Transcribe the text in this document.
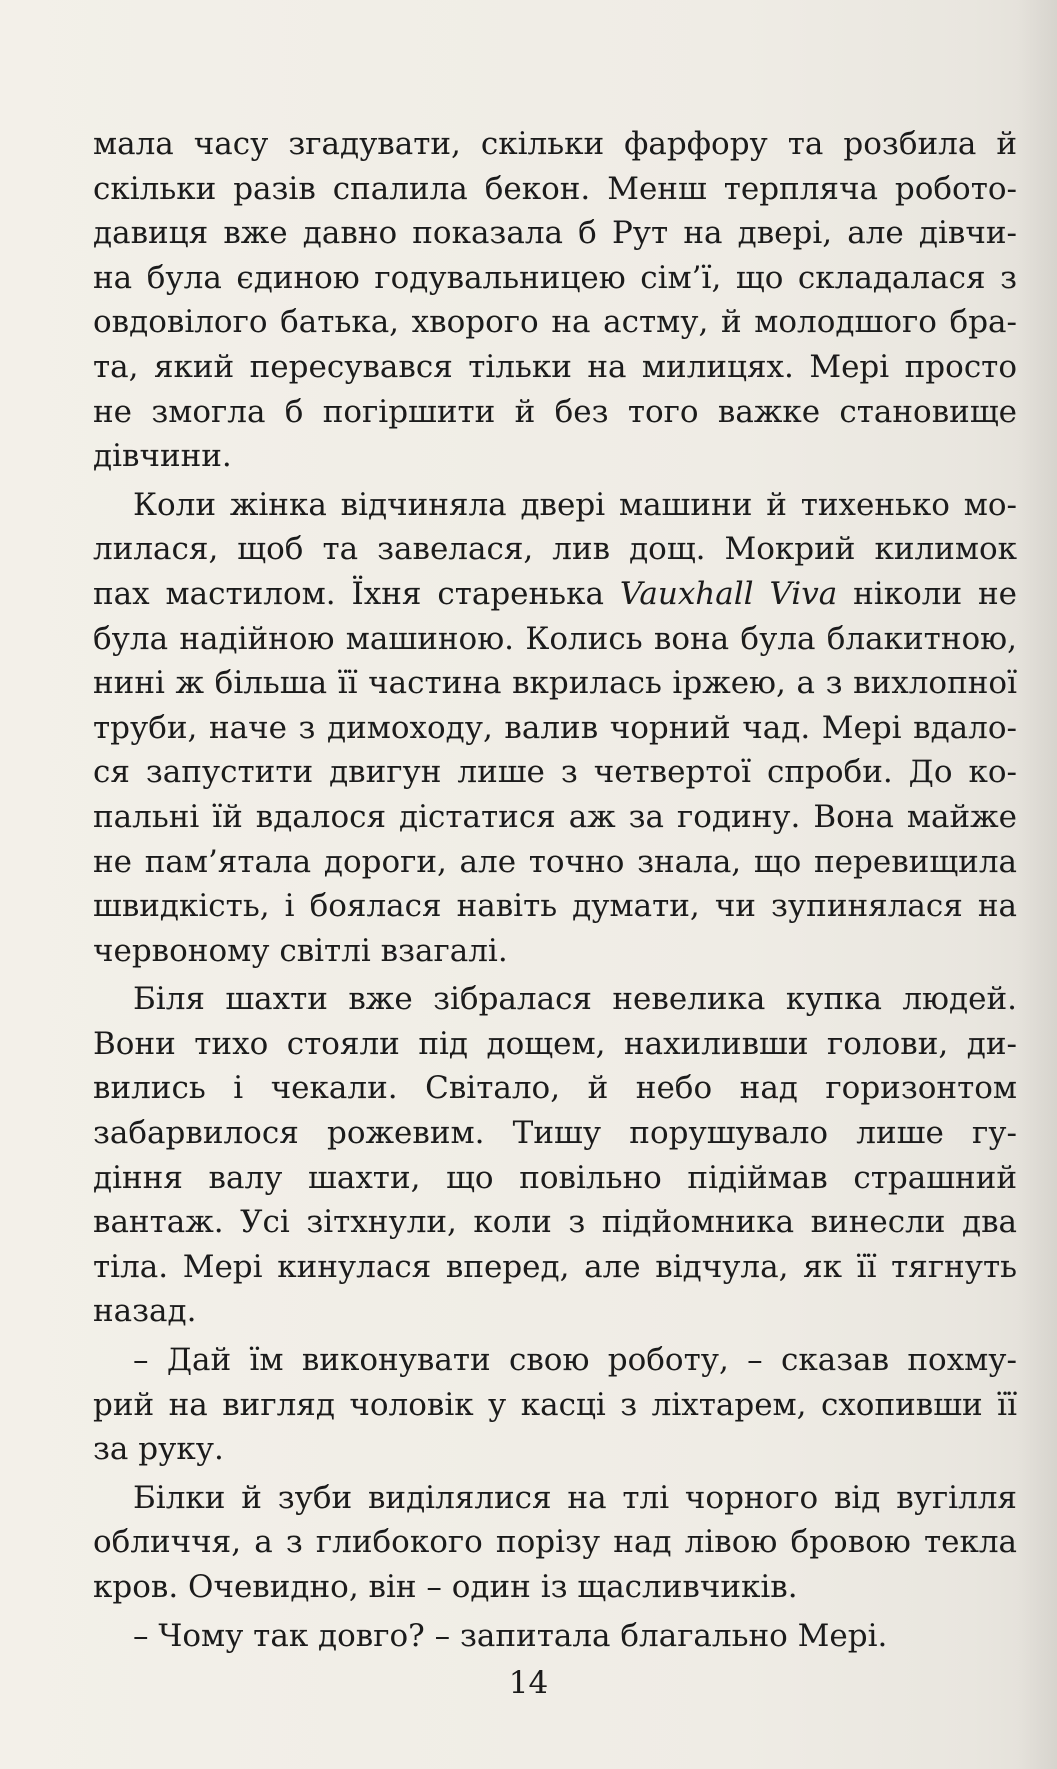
мала часу згадувати, скільки фарфору та розбила й
скільки разів спалила бекон. Менш терпляча робото-
давиця вже давно показала б Рут на двері, але дівчи-
на була єдиною годувальницею сім’ї, що складалася з
овдовілого батька, хворого на астму, й молодшого бра-
та, який пересувався тільки на милицях. Мері просто
не змогла б погіршити й без того важке становище
дівчини.

Коли жінка відчиняла двері машини й тихенько мо-
лилася, щоб та завелася, лив дощ. Мокрий килимок
пах мастилом. Їхня старенька Vauxhall Viva ніколи не
була надійною машиною. Колись вона була блакитною,
нині ж більша її частина вкрилась іржею, а з вихлопної
труби, наче з димоходу, валив чорний чад. Мері вдало-
ся запустити двигун лише з четвертої спроби. До ко-
пальні їй вдалося дістатися аж за годину. Вона майже
не пам’ятала дороги, але точно знала, що перевищила
швидкість, і боялася навіть думати, чи зупинялася на
червоному світлі взагалі.

Біля шахти вже зібралася невелика купка людей.
Вони тихо стояли під дощем, нахиливши голови, ди-
вились і чекали. Світало, й небо над горизонтом
забарвилося рожевим. Тишу порушувало лише гу-
діння валу шахти, що повільно підіймав страшний
вантаж. Усі зітхнули, коли з підйомника винесли два
тіла. Мері кинулася вперед, але відчула, як її тягнуть
назад.

– Дай їм виконувати свою роботу, – сказав похму-
рий на вигляд чоловік у касці з ліхтарем, схопивши її
за руку.

Білки й зуби виділялися на тлі чорного від вугілля
обличчя, а з глибокого порізу над лівою бровою текла
кров. Очевидно, він – один із щасливчиків.

– Чому так довго? – запитала благально Мері.

14
